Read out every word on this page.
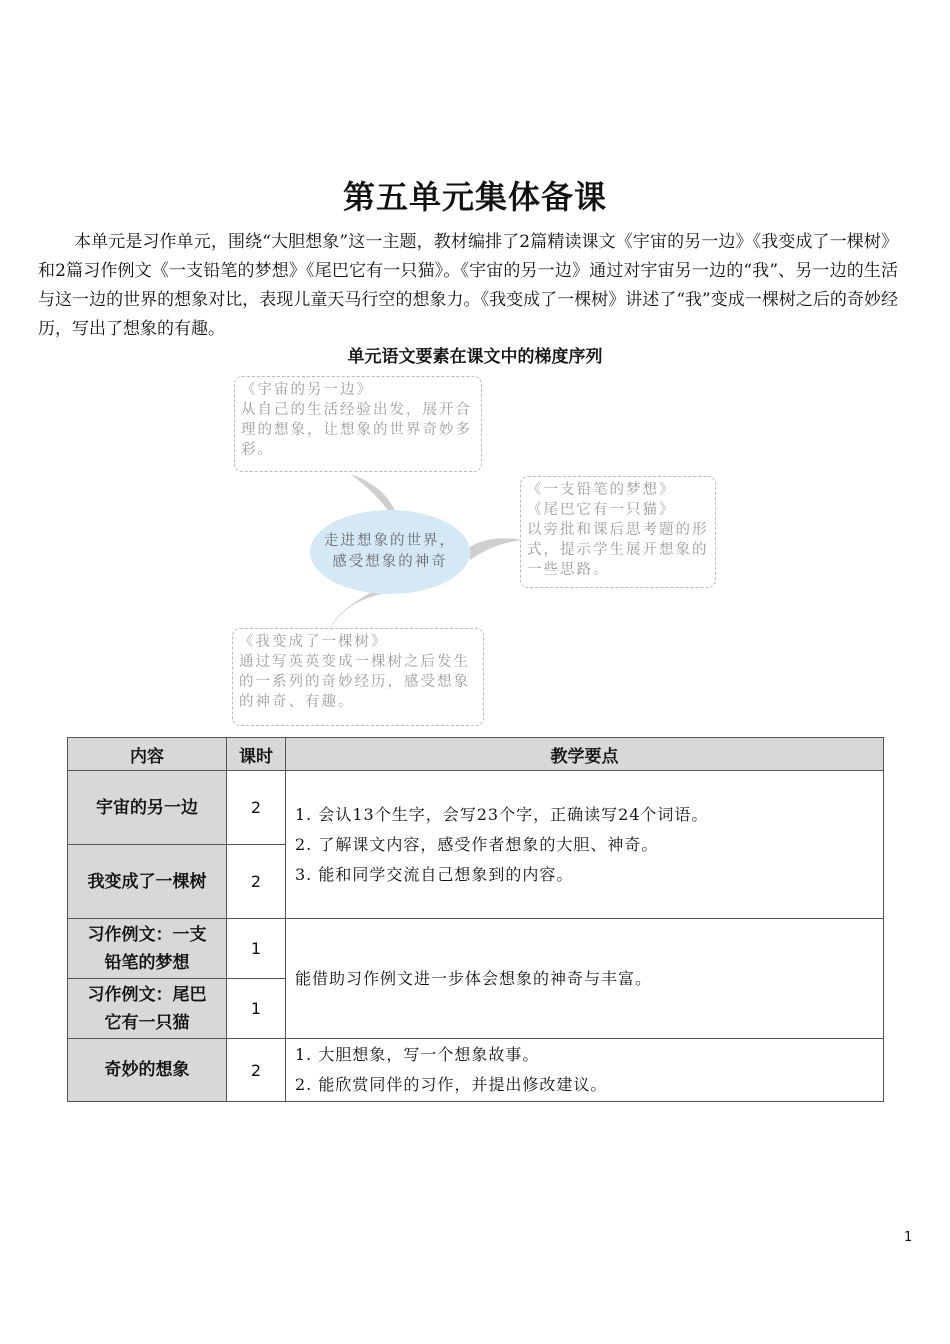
第五单元集体备课
本单元是习作单元，围绕“大胆想象”这一主题，教材编排了2篇精读课文《宇宙的另一边》《我变成了一棵树》和2篇习作例文《一支铅笔的梦想》《尾巴它有一只猫》。《宇宙的另一边》通过对宇宙另一边的“我”、另一边的生活与这一边的世界的想象对比，表现儿童天马行空的想象力。《我变成了一棵树》讲述了“我”变成一棵树之后的奇妙经历，写出了想象的有趣。
单元语文要素在课文中的梯度序列
《宇宙的另一边》
从自己的生活经验出发，展开合理的想象，让想象的世界奇妙多彩。
《一支铅笔的梦想》
《尾巴它有一只猫》
以旁批和课后思考题的形式，提示学生展开想象的一些思路。
走进想象的世界，
感受想象的神奇
《我变成了一棵树》
通过写英英变成一棵树之后发生的一系列的奇妙经历，感受想象的神奇、有趣。
内容	课时	教学要点
宇宙的另一边	2	1. 会认13个生字，会写23个字，正确读写24个词语。
2. 了解课文内容，感受作者想象的大胆、神奇。
3. 能和同学交流自己想象到的内容。

我变成了一棵树	2	
习作例文：一支铅笔的梦想	1	能借助习作例文进一步体会想象的神奇与丰富。
习作例文：尾巴它有一只猫	1	
奇妙的想象	2	1. 大胆想象，写一个想象故事。
2. 能欣赏同伴的习作，并提出修改建议。
1
